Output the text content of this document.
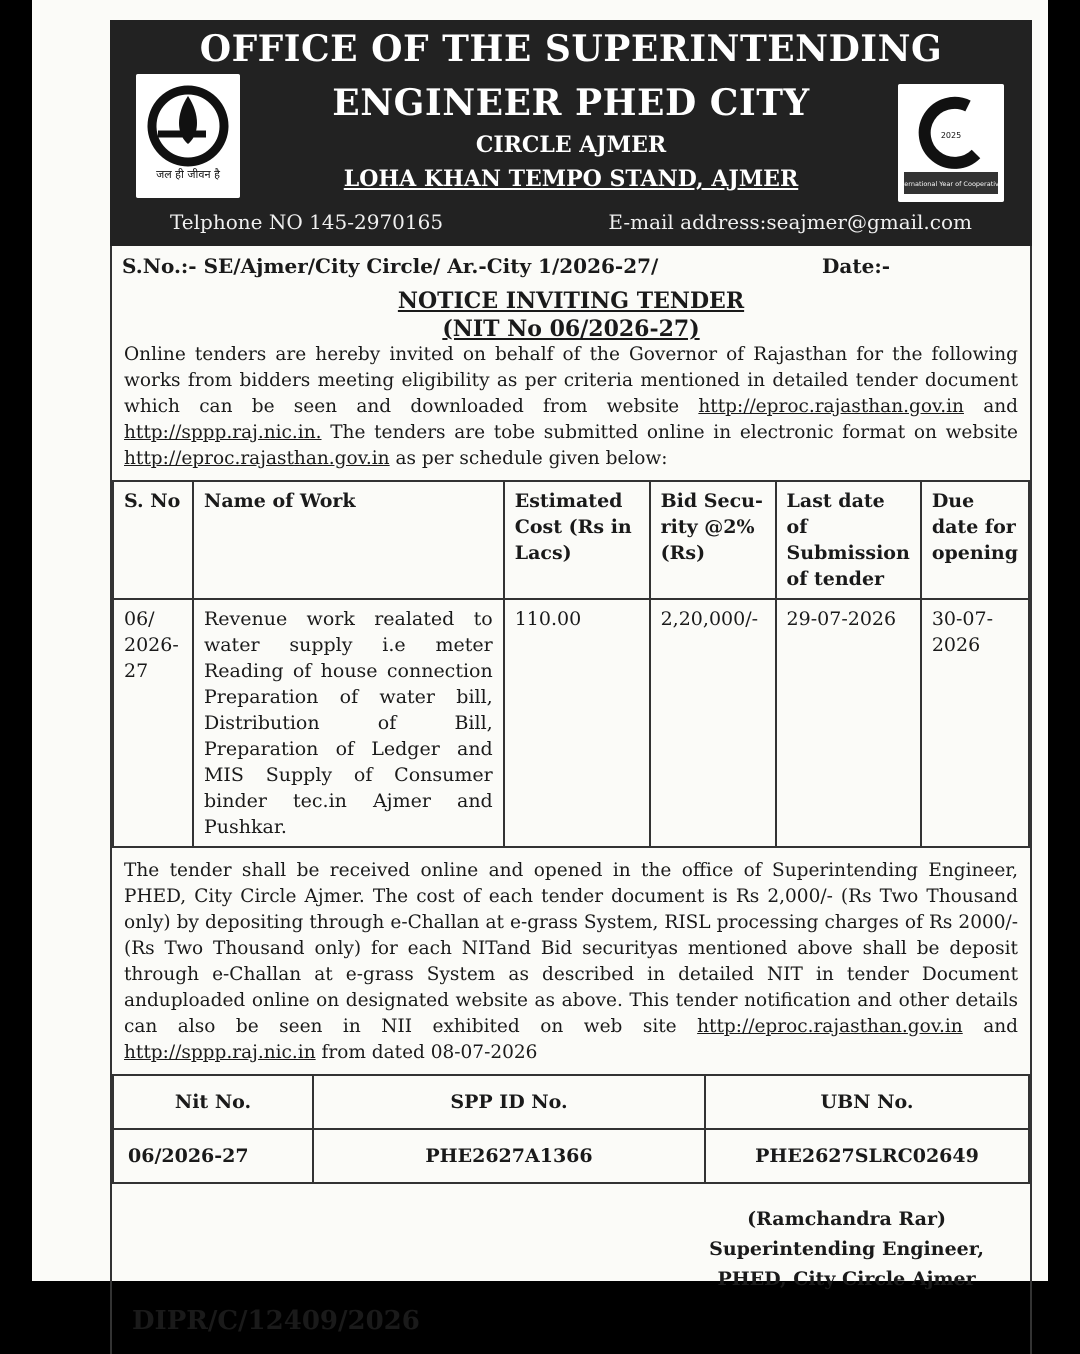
जल ही जीवन है
2025
International Year of Cooperatives
OFFICE OF THE SUPERINTENDING
ENGINEER PHED CITY
CIRCLE AJMER
LOHA KHAN TEMPO STAND, AJMER
Telphone NO 145-2970165	E-mail address:seajmer@gmail.com
S.No.:- SE/Ajmer/City Circle/ Ar.-City 1/2026-27/	Date:-
NOTICE INVITING TENDER
(NIT No 06/2026-27)

Online tenders are hereby invited on behalf of the Governor of Rajasthan for the following works from bidders meeting eligibility as per criteria mentioned in detailed tender document which can be seen and downloaded from website http://eproc.rajasthan.gov.in and http://sppp.raj.nic.in. The tenders are tobe submitted online in electronic format on website http://eproc.rajasthan.gov.in as per schedule given below:

S. No	Name of Work	Estimated Cost (Rs in Lacs)	Bid Secu-rity @2% (Rs)	Last date of Submission of tender	Due date for opening
06/ 2026-27	Revenue work realated to water supply i.e meter Reading of house connection Preparation of water bill, Distribution of Bill, Preparation of Ledger and MIS Supply of Consumer binder tec.in Ajmer and Pushkar.	110.00	2,20,000/-	29-07-2026	30-07-2026

The tender shall be received online and opened in the office of Superintending Engineer, PHED, City Circle Ajmer. The cost of each tender document is Rs 2,000/- (Rs Two Thousand only) by depositing through e-Challan at e-grass System, RISL processing charges of Rs 2000/- (Rs Two Thousand only) for each NITand Bid securityas mentioned above shall be deposit through e-Challan at e-grass System as described in detailed NIT in tender Document anduploaded online on designated website as above. This tender notification and other details can also be seen in NII exhibited on web site http://eproc.rajasthan.gov.in and http://sppp.raj.nic.in from dated 08-07-2026

Nit No.	SPP ID No.	UBN No.
06/2026-27	PHE2627A1366	PHE2627SLRC02649
(Ramchandra Rar)
Superintending Engineer,
PHED, City Circle Ajmer
DIPR/C/12409/2026
